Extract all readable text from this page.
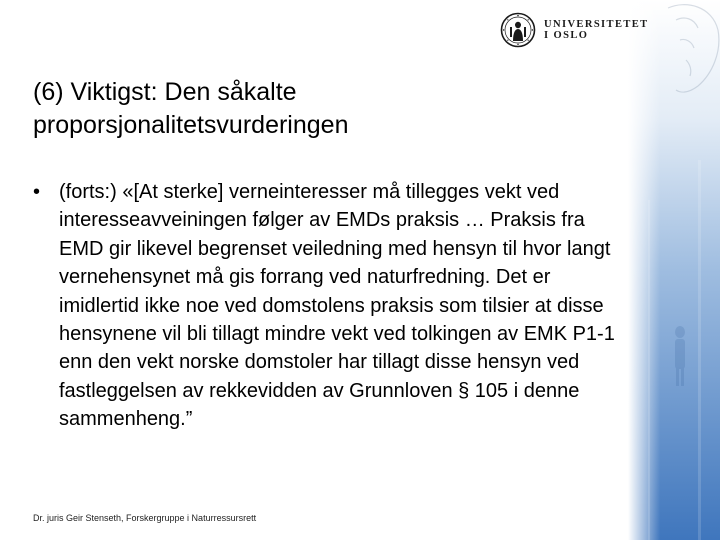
UNIVERSITETET
I OSLO
(6) Viktigst: Den såkalte proporsjonalitetsvurderingen
• (forts:) «[At sterke] verneinteresser må tillegges vekt ved interesseavveiningen følger av EMDs praksis … Praksis fra EMD gir likevel begrenset veiledning med hensyn til hvor langt vernehensynet må gis forrang ved naturfredning. Det er imidlertid ikke noe ved domstolens praksis som tilsier at disse hensynene vil bli tillagt mindre vekt ved tolkingen av EMK P1-1 enn den vekt norske domstoler har tillagt disse hensyn ved fastleggelsen av rekkevidden av Grunnloven § 105 i denne sammenheng.”

Dr. juris Geir Stenseth, Forskergruppe i Naturressursrett
